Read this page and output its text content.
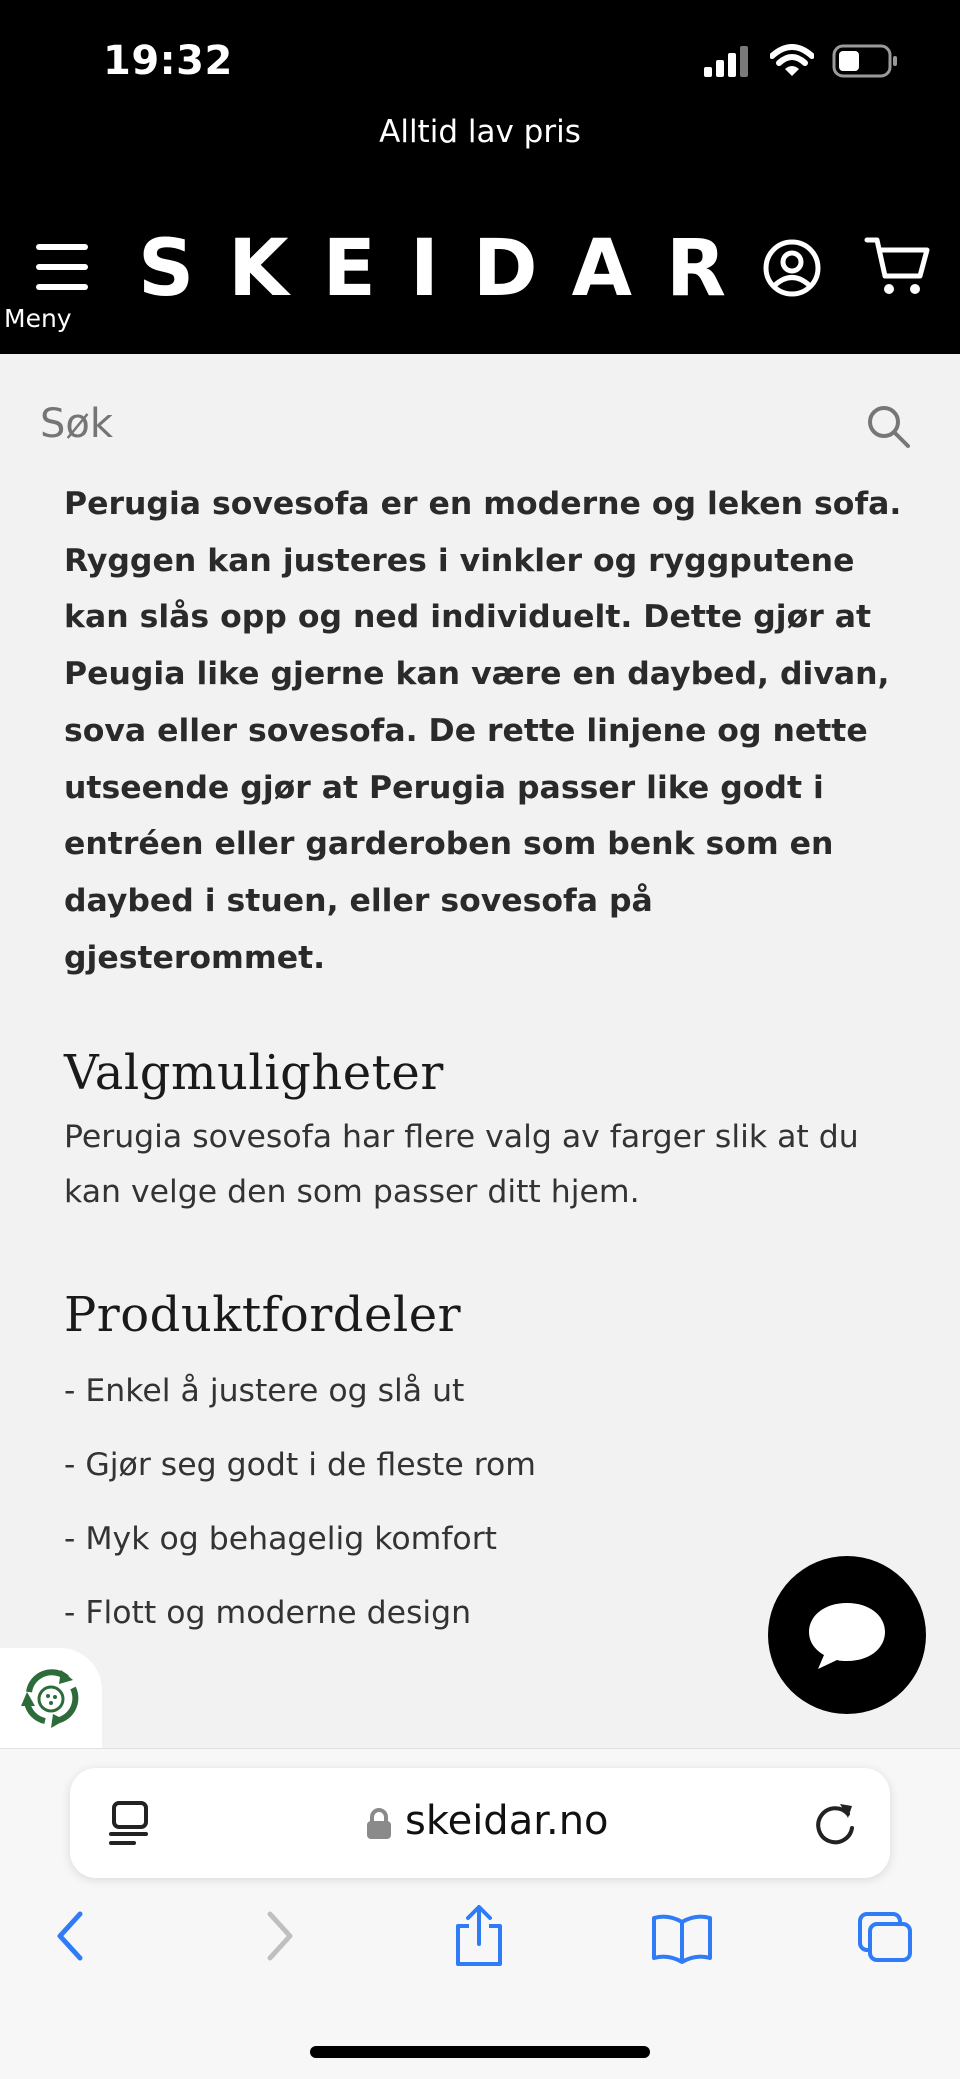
19:32
Alltid lav pris
Meny
SKEIDAR
Søk

Perugia sovesofa er en moderne og leken sofa. Ryggen kan justeres i vinkler og ryggputene kan slås opp og ned individuelt. Dette gjør at Peugia like gjerne kan være en daybed, divan, sova eller sovesofa. De rette linjene og nette utseende gjør at Perugia passer like godt i entréen eller garderoben som benk som en daybed i stuen, eller sovesofa på gjesterommet.

Valgmuligheter

Perugia sovesofa har flere valg av farger slik at du kan velge den som passer ditt hjem.

Produktfordeler
- Enkel å justere og slå ut
- Gjør seg godt i de fleste rom
- Myk og behagelig komfort
- Flott og moderne design
skeidar.no
